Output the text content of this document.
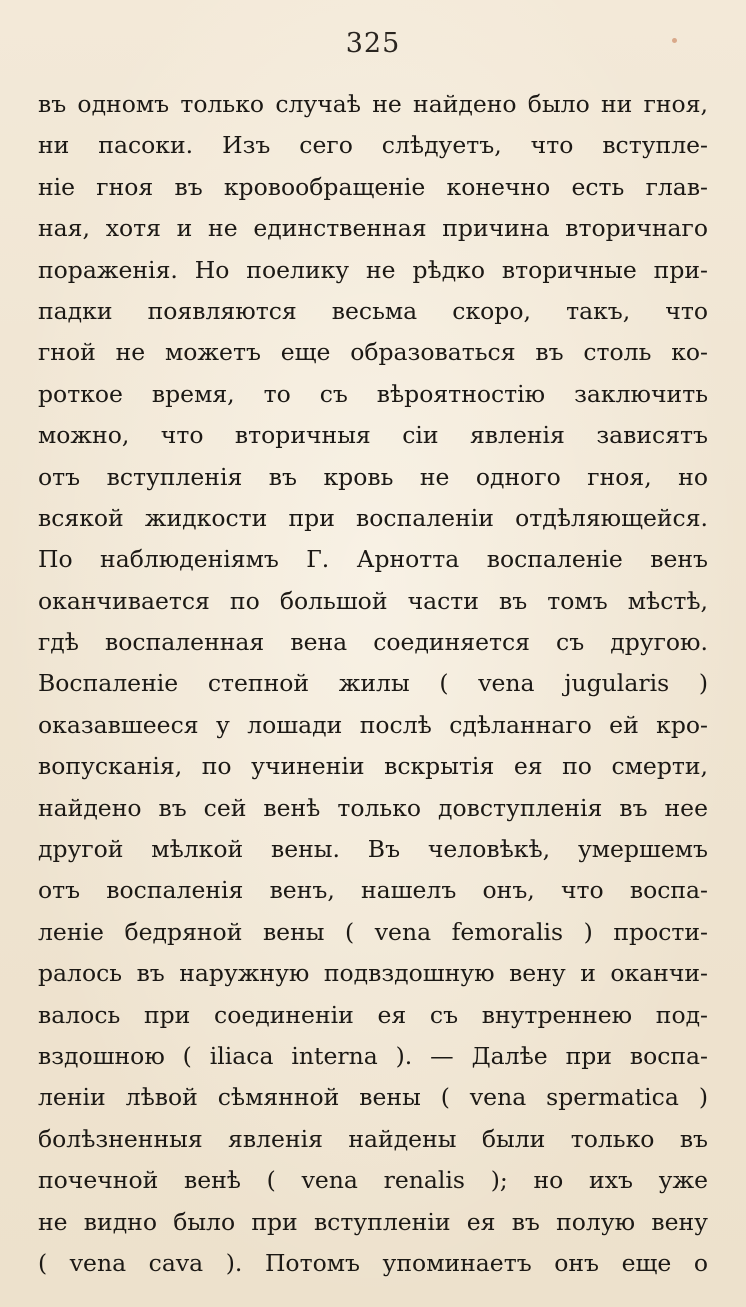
325
въ одномъ только случаѣ не найдено было ни гноя,
ни пасоки. Изъ сего слѣдуетъ, что вступле-
ніе гноя въ кровообращеніе конечно есть глав-
ная, хотя и не единственная причина вторичнаго
пораженія. Но поелику не рѣдко вторичные при-
падки появляются весьма скоро, такъ, что
гной не можетъ еще образоваться въ столь ко-
роткое время, то съ вѣроятностію заключить
можно, что вторичныя сіи явленія зависятъ
отъ вступленія въ кровь не одного гноя, но
всякой жидкости при воспаленіи отдѣляющейся.
По наблюденіямъ Г. Арнотта воспаленіе венъ
оканчивается по большой части въ томъ мѣстѣ,
гдѣ воспаленная вена соединяется съ другою.
Воспаленіе степной жилы ( vena jugularis )
оказавшееся у лошади послѣ сдѣланнаго ей кро-
вопусканія, по учиненіи вскрытія ея по смерти,
найдено въ сей венѣ только довступленія въ нее
другой мѣлкой вены. Въ человѣкѣ, умершемъ
отъ воспаленія венъ, нашелъ онъ, что воспа-
леніе бедряной вены ( vena femoralis ) прости-
ралось въ наружную подвздошную вену и оканчи-
валось при соединеніи ея съ внутреннею под-
вздошною ( iliaca interna ). — Далѣе при воспа-
леніи лѣвой сѣмянной вены ( vena spermatica )
болѣзненныя явленія найдены были только въ
почечной венѣ ( vena renalis ); но ихъ уже
не видно было при вступленіи ея въ полую вену
( vena cava ). Потомъ упоминаетъ онъ еще о
